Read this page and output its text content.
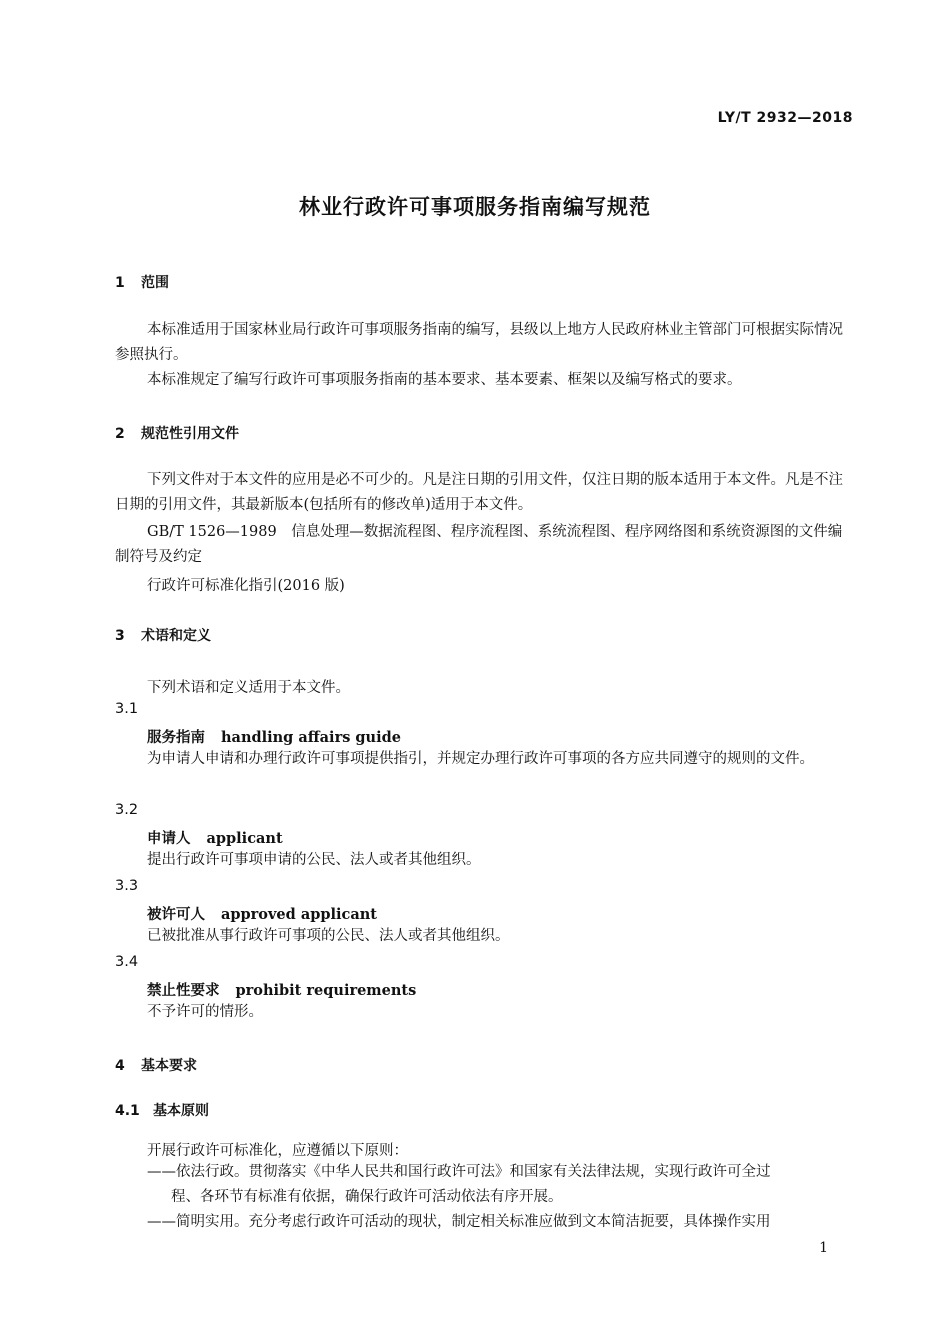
LY/T 2932—2018
林业行政许可事项服务指南编写规范
1 范围
本标准适用于国家林业局行政许可事项服务指南的编写，县级以上地方人民政府林业主管部门可根据实际情况参照执行。
本标准规定了编写行政许可事项服务指南的基本要求、基本要素、框架以及编写格式的要求。
2 规范性引用文件
下列文件对于本文件的应用是必不可少的。凡是注日期的引用文件，仅注日期的版本适用于本文件。凡是不注日期的引用文件，其最新版本(包括所有的修改单)适用于本文件。
GB/T 1526—1989　信息处理—数据流程图、程序流程图、系统流程图、程序网络图和系统资源图的文件编制符号及约定
行政许可标准化指引(2016 版)
3 术语和定义
下列术语和定义适用于本文件。
3.1
服务指南 handling affairs guide
为申请人申请和办理行政许可事项提供指引，并规定办理行政许可事项的各方应共同遵守的规则的文件。
3.2
申请人 applicant
提出行政许可事项申请的公民、法人或者其他组织。
3.3
被许可人 approved applicant
已被批准从事行政许可事项的公民、法人或者其他组织。
3.4
禁止性要求 prohibit requirements
不予许可的情形。
4 基本要求
4.1 基本原则
开展行政许可标准化，应遵循以下原则：
——依法行政。贯彻落实《中华人民共和国行政许可法》和国家有关法律法规，实现行政许可全过
程、各环节有标准有依据，确保行政许可活动依法有序开展。
——简明实用。充分考虑行政许可活动的现状，制定相关标准应做到文本简洁扼要，具体操作实用
1
